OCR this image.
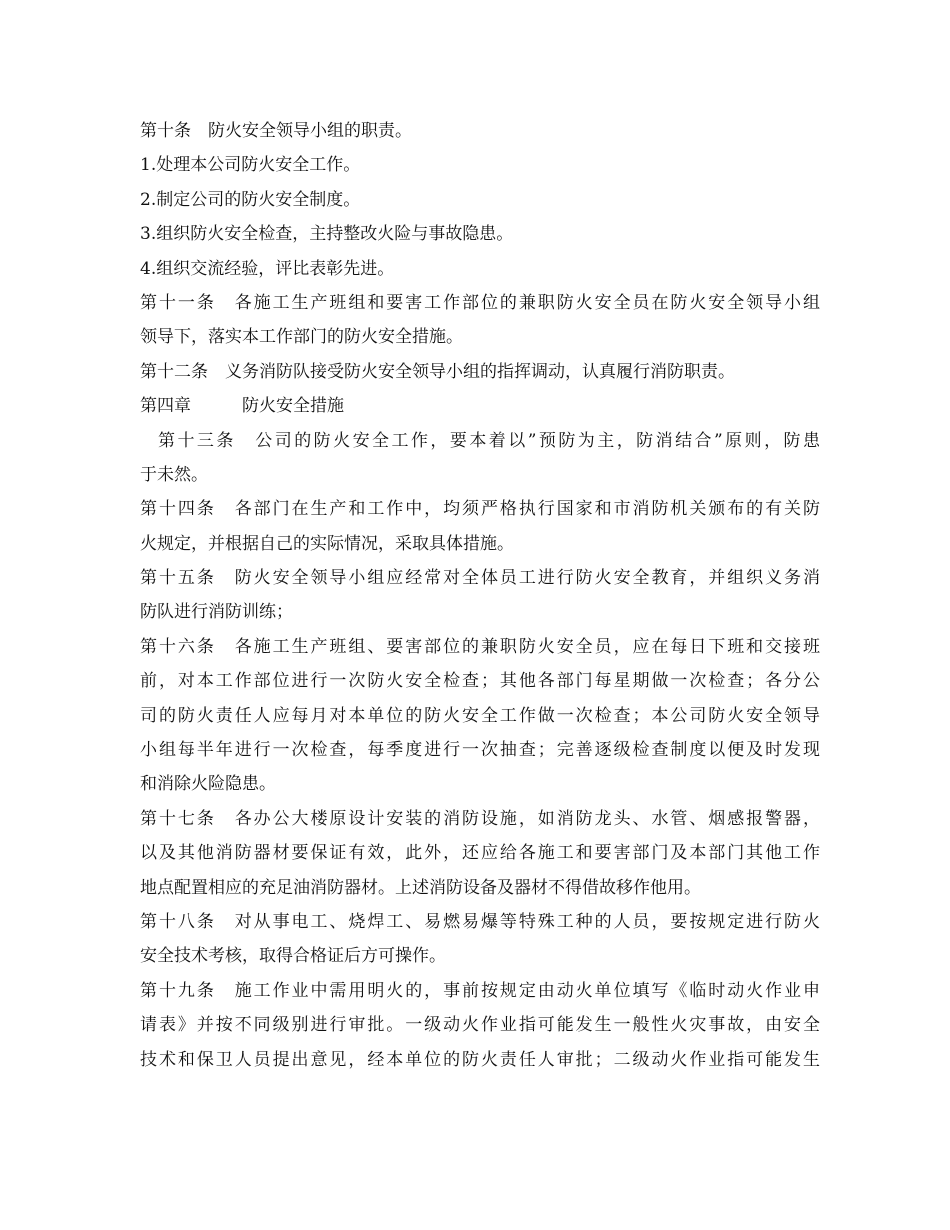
第十条　防火安全领导小组的职责。
1.处理本公司防火安全工作。
2.制定公司的防火安全制度。
3.组织防火安全检查，主持整改火险与事故隐患。
4.组织交流经验，评比表彰先进。
第十一条　各施工生产班组和要害工作部位的兼职防火安全员在防火安全领导小组
领导下，落实本工作部门的防火安全措施。
第十二条　义务消防队接受防火安全领导小组的指挥调动，认真履行消防职责。
第四章　　　防火安全措施
第十三条　公司的防火安全工作，要本着以”预防为主，防消结合”原则，防患
于未然。
第十四条　各部门在生产和工作中，均须严格执行国家和市消防机关颁布的有关防
火规定，并根据自己的实际情况，采取具体措施。
第十五条　防火安全领导小组应经常对全体员工进行防火安全教育，并组织义务消
防队进行消防训练；
第十六条　各施工生产班组、要害部位的兼职防火安全员，应在每日下班和交接班
前，对本工作部位进行一次防火安全检查；其他各部门每星期做一次检查；各分公
司的防火责任人应每月对本单位的防火安全工作做一次检查；本公司防火安全领导
小组每半年进行一次检查，每季度进行一次抽查；完善逐级检查制度以便及时发现
和消除火险隐患。
第十七条　各办公大楼原设计安装的消防设施，如消防龙头、水管、烟感报警器，
以及其他消防器材要保证有效，此外，还应给各施工和要害部门及本部门其他工作
地点配置相应的充足油消防器材。上述消防设备及器材不得借故移作他用。
第十八条　对从事电工、烧焊工、易燃易爆等特殊工种的人员，要按规定进行防火
安全技术考核，取得合格证后方可操作。
第十九条　施工作业中需用明火的，事前按规定由动火单位填写《临时动火作业申
请表》并按不同级别进行审批。一级动火作业指可能发生一般性火灾事故，由安全
技术和保卫人员提出意见，经本单位的防火责任人审批；二级动火作业指可能发生
